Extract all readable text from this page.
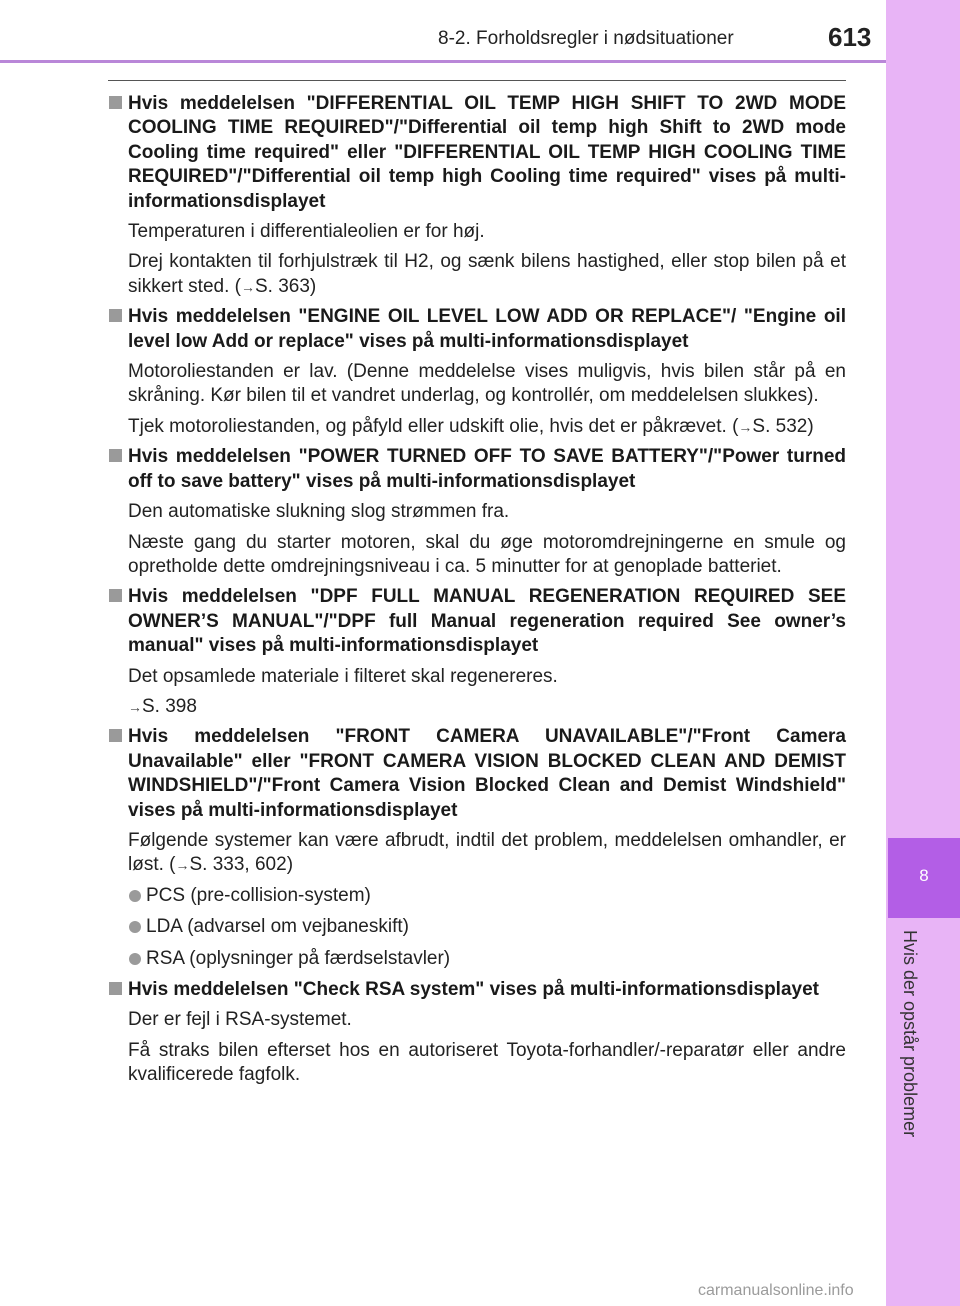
8-2. Forholdsregler i nødsituationer	613
8
Hvis der opstår problemer
Hvis meddelelsen "DIFFERENTIAL OIL TEMP HIGH SHIFT TO 2WD MODE COOLING TIME REQUIRED"/"Differential oil temp high Shift to 2WD mode Cooling time required" eller "DIFFERENTIAL OIL TEMP HIGH COOLING TIME REQUIRED"/"Differential oil temp high Cooling time required" vises på multi-informationsdisplayet
Temperaturen i differentialeolien er for høj.
Drej kontakten til forhjulstræk til H2, og sænk bilens hastighed, eller stop bilen på et sikkert sted. (→S. 363)
Hvis meddelelsen "ENGINE OIL LEVEL LOW ADD OR REPLACE"/ "Engine oil level low Add or replace" vises på multi-informationsdisplayet
Motoroliestanden er lav. (Denne meddelelse vises muligvis, hvis bilen står på en skråning. Kør bilen til et vandret underlag, og kontrollér, om meddelelsen slukkes).
Tjek motoroliestanden, og påfyld eller udskift olie, hvis det er påkrævet. (→S. 532)
Hvis meddelelsen "POWER TURNED OFF TO SAVE BATTERY"/"Power turned off to save battery" vises på multi-informationsdisplayet
Den automatiske slukning slog strømmen fra.
Næste gang du starter motoren, skal du øge motoromdrejningerne en smule og opretholde dette omdrejningsniveau i ca. 5 minutter for at genoplade batteriet.
Hvis meddelelsen "DPF FULL MANUAL REGENERATION REQUIRED SEE OWNER’S MANUAL"/"DPF full Manual regeneration required See owner’s manual" vises på multi-informationsdisplayet
Det opsamlede materiale i filteret skal regenereres.
→S. 398
Hvis meddelelsen "FRONT CAMERA UNAVAILABLE"/"Front Camera Unavailable" eller "FRONT CAMERA VISION BLOCKED CLEAN AND DEMIST WINDSHIELD"/"Front Camera Vision Blocked Clean and Demist Windshield" vises på multi-informationsdisplayet
Følgende systemer kan være afbrudt, indtil det problem, meddelelsen omhandler, er løst. (→S. 333, 602)
PCS (pre-collision-system)
LDA (advarsel om vejbaneskift)
RSA (oplysninger på færdselstavler)
Hvis meddelelsen "Check RSA system" vises på multi-informationsdisplayet
Der er fejl i RSA-systemet.
Få straks bilen efterset hos en autoriseret Toyota-forhandler/-reparatør eller andre kvalificerede fagfolk.
carmanualsonline.info
